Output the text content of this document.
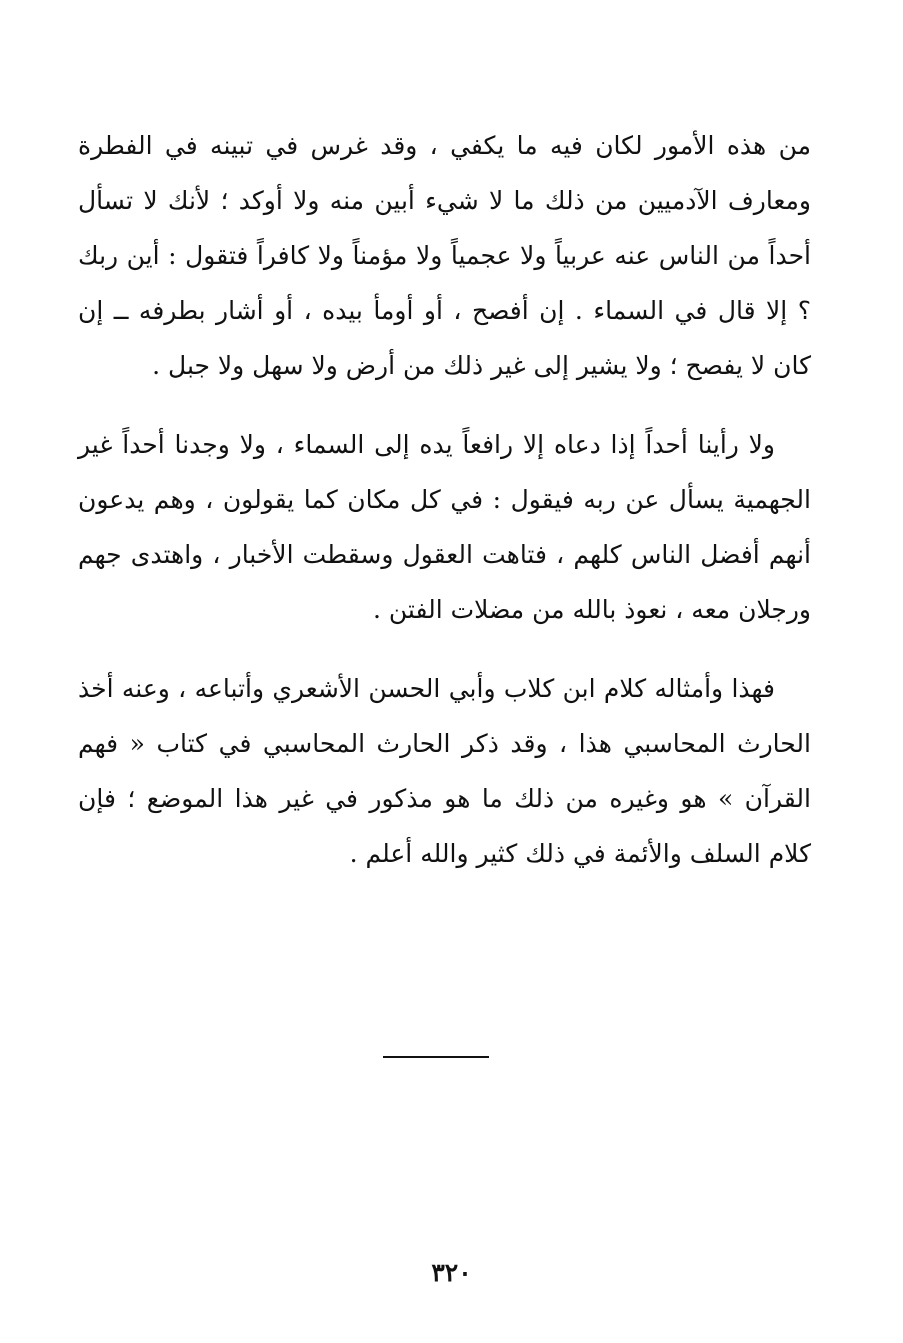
من هذه الأمور لكان فيه ما يكفي ، وقد غرس في تبينه في الفطرة ومعارف الآدميين من ذلك ما لا شيء أبين منه ولا أوكد ؛ لأنك لا تسأل أحداً من الناس عنه عربياً ولا عجمياً ولا مؤمناً ولا كافراً فتقول : أين ربك ؟ إلا قال في السماء . إن أفصح ، أو أومأ بيده ، أو أشار بطرفه ــ إن كان لا يفصح ؛ ولا يشير إلى غير ذلك من أرض ولا سهل ولا جبل .

ولا رأينا أحداً إذا دعاه إلا رافعاً يده إلى السماء ، ولا وجدنا أحداً غير الجهمية يسأل عن ربه فيقول : في كل مكان كما يقولون ، وهم يدعون أنهم أفضل الناس كلهم ، فتاهت العقول وسقطت الأخبار ، واهتدى جهم ورجلان معه ، نعوذ بالله من مضلات الفتن .

فهذا وأمثاله كلام ابن كلاب وأبي الحسن الأشعري وأتباعه ، وعنه أخذ الحارث المحاسبي هذا ، وقد ذكر الحارث المحاسبي في كتاب « فهم القرآن » هو وغيره من ذلك ما هو مذكور في غير هذا الموضع ؛ فإن كلام السلف والأئمة في ذلك كثير والله أعلم .

٣٢٠
